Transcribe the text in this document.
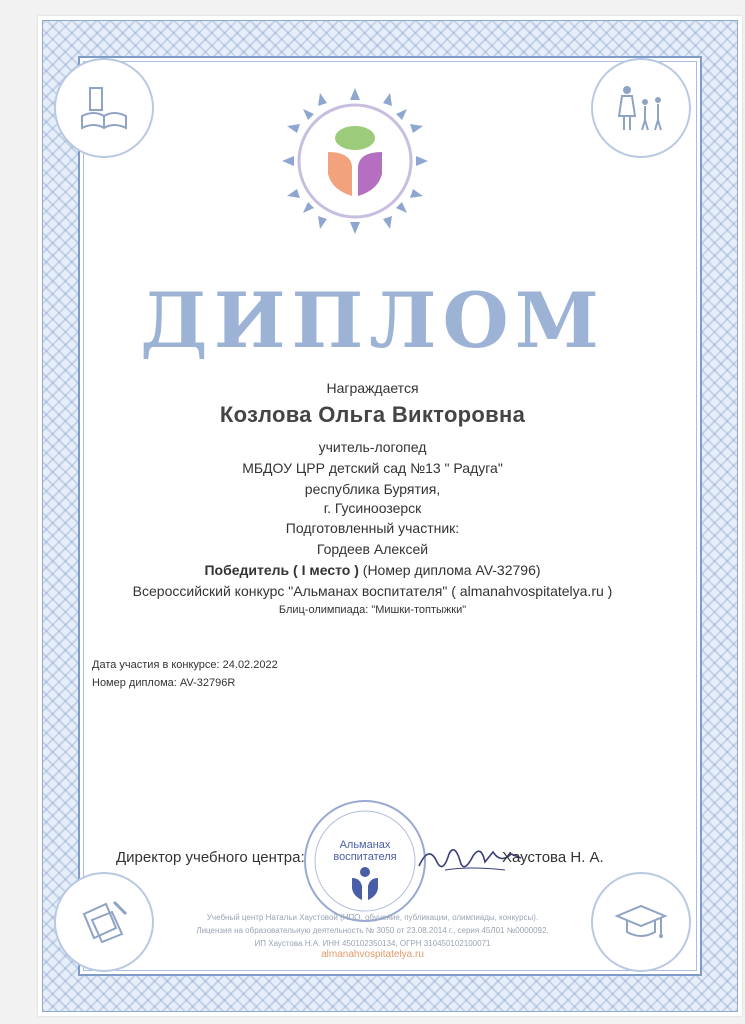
ДИПЛОМ
Награждается
Козлова Ольга Викторовна
учитель-логопед
МБДОУ ЦРР детский сад №13 " Радуга"
республика Бурятия,
г. Гусиноозерск
Подготовленный участник:
Гордеев Алексей
Победитель ( I место ) (Номер диплома AV-32796)
Всероссийский конкурс "Альманах воспитателя" ( almanahvospitatelya.ru )
Блиц-олимпиада: "Мишки-топтыжки"
Дата участия в конкурсе: 24.02.2022
Номер диплома: AV-32796R
Альманах
воспитателя
Директор учебного центра:	Хаустова Н. А.
Учебный центр Натальи Хаустовой (НПО, обучение, публикации, олимпиады, конкурсы).
Лицензия на образовательную деятельность № 3050 от 23.08.2014 г., серия 45Л01 №0000092.
ИП Хаустова Н.А. ИНН 450102350134, ОГРН 310450102100071
almanahvospitatelya.ru
